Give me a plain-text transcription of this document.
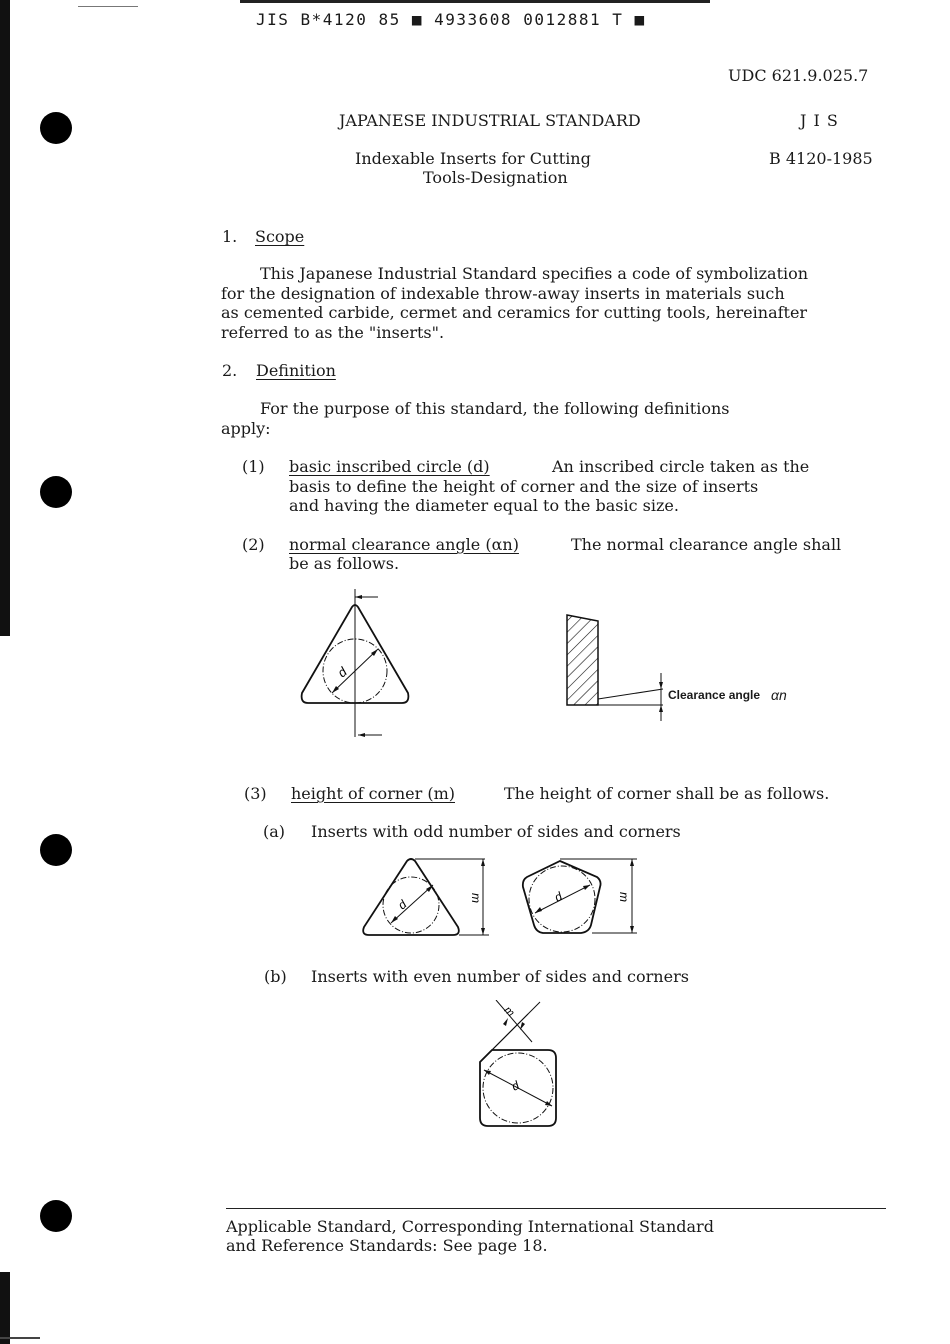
JIS B*4120 85 ■ 4933608 0012881 T ■
UDC 621.9.025.7
JAPANESE INDUSTRIAL STANDARD	J I S
Indexable Inserts for Cutting
Tools-Designation
B 4120-1985
1. Scope
This Japanese Industrial Standard specifies a code of symbolization
for the designation of indexable throw-away inserts in materials such
as cemented carbide, cermet and ceramics for cutting tools, hereinafter
referred to as the "inserts".
2. Definition
For the purpose of this standard, the following definitions
apply:
(1) basic inscribed circle (d)	An inscribed circle taken as the
basis to define the height of corner and the size of inserts
and having the diameter equal to the basic size.
(2) normal clearance angle (αn)	The normal clearance angle shall
be as follows.
d
Clearance angle αn
(3) height of corner (m)	The height of corner shall be as follows.
(a) Inserts with odd number of sides and corners
d	m	d	m
(b) Inserts with even number of sides and corners
d
m
Applicable Standard, Corresponding International Standard
and Reference Standards: See page 18.
